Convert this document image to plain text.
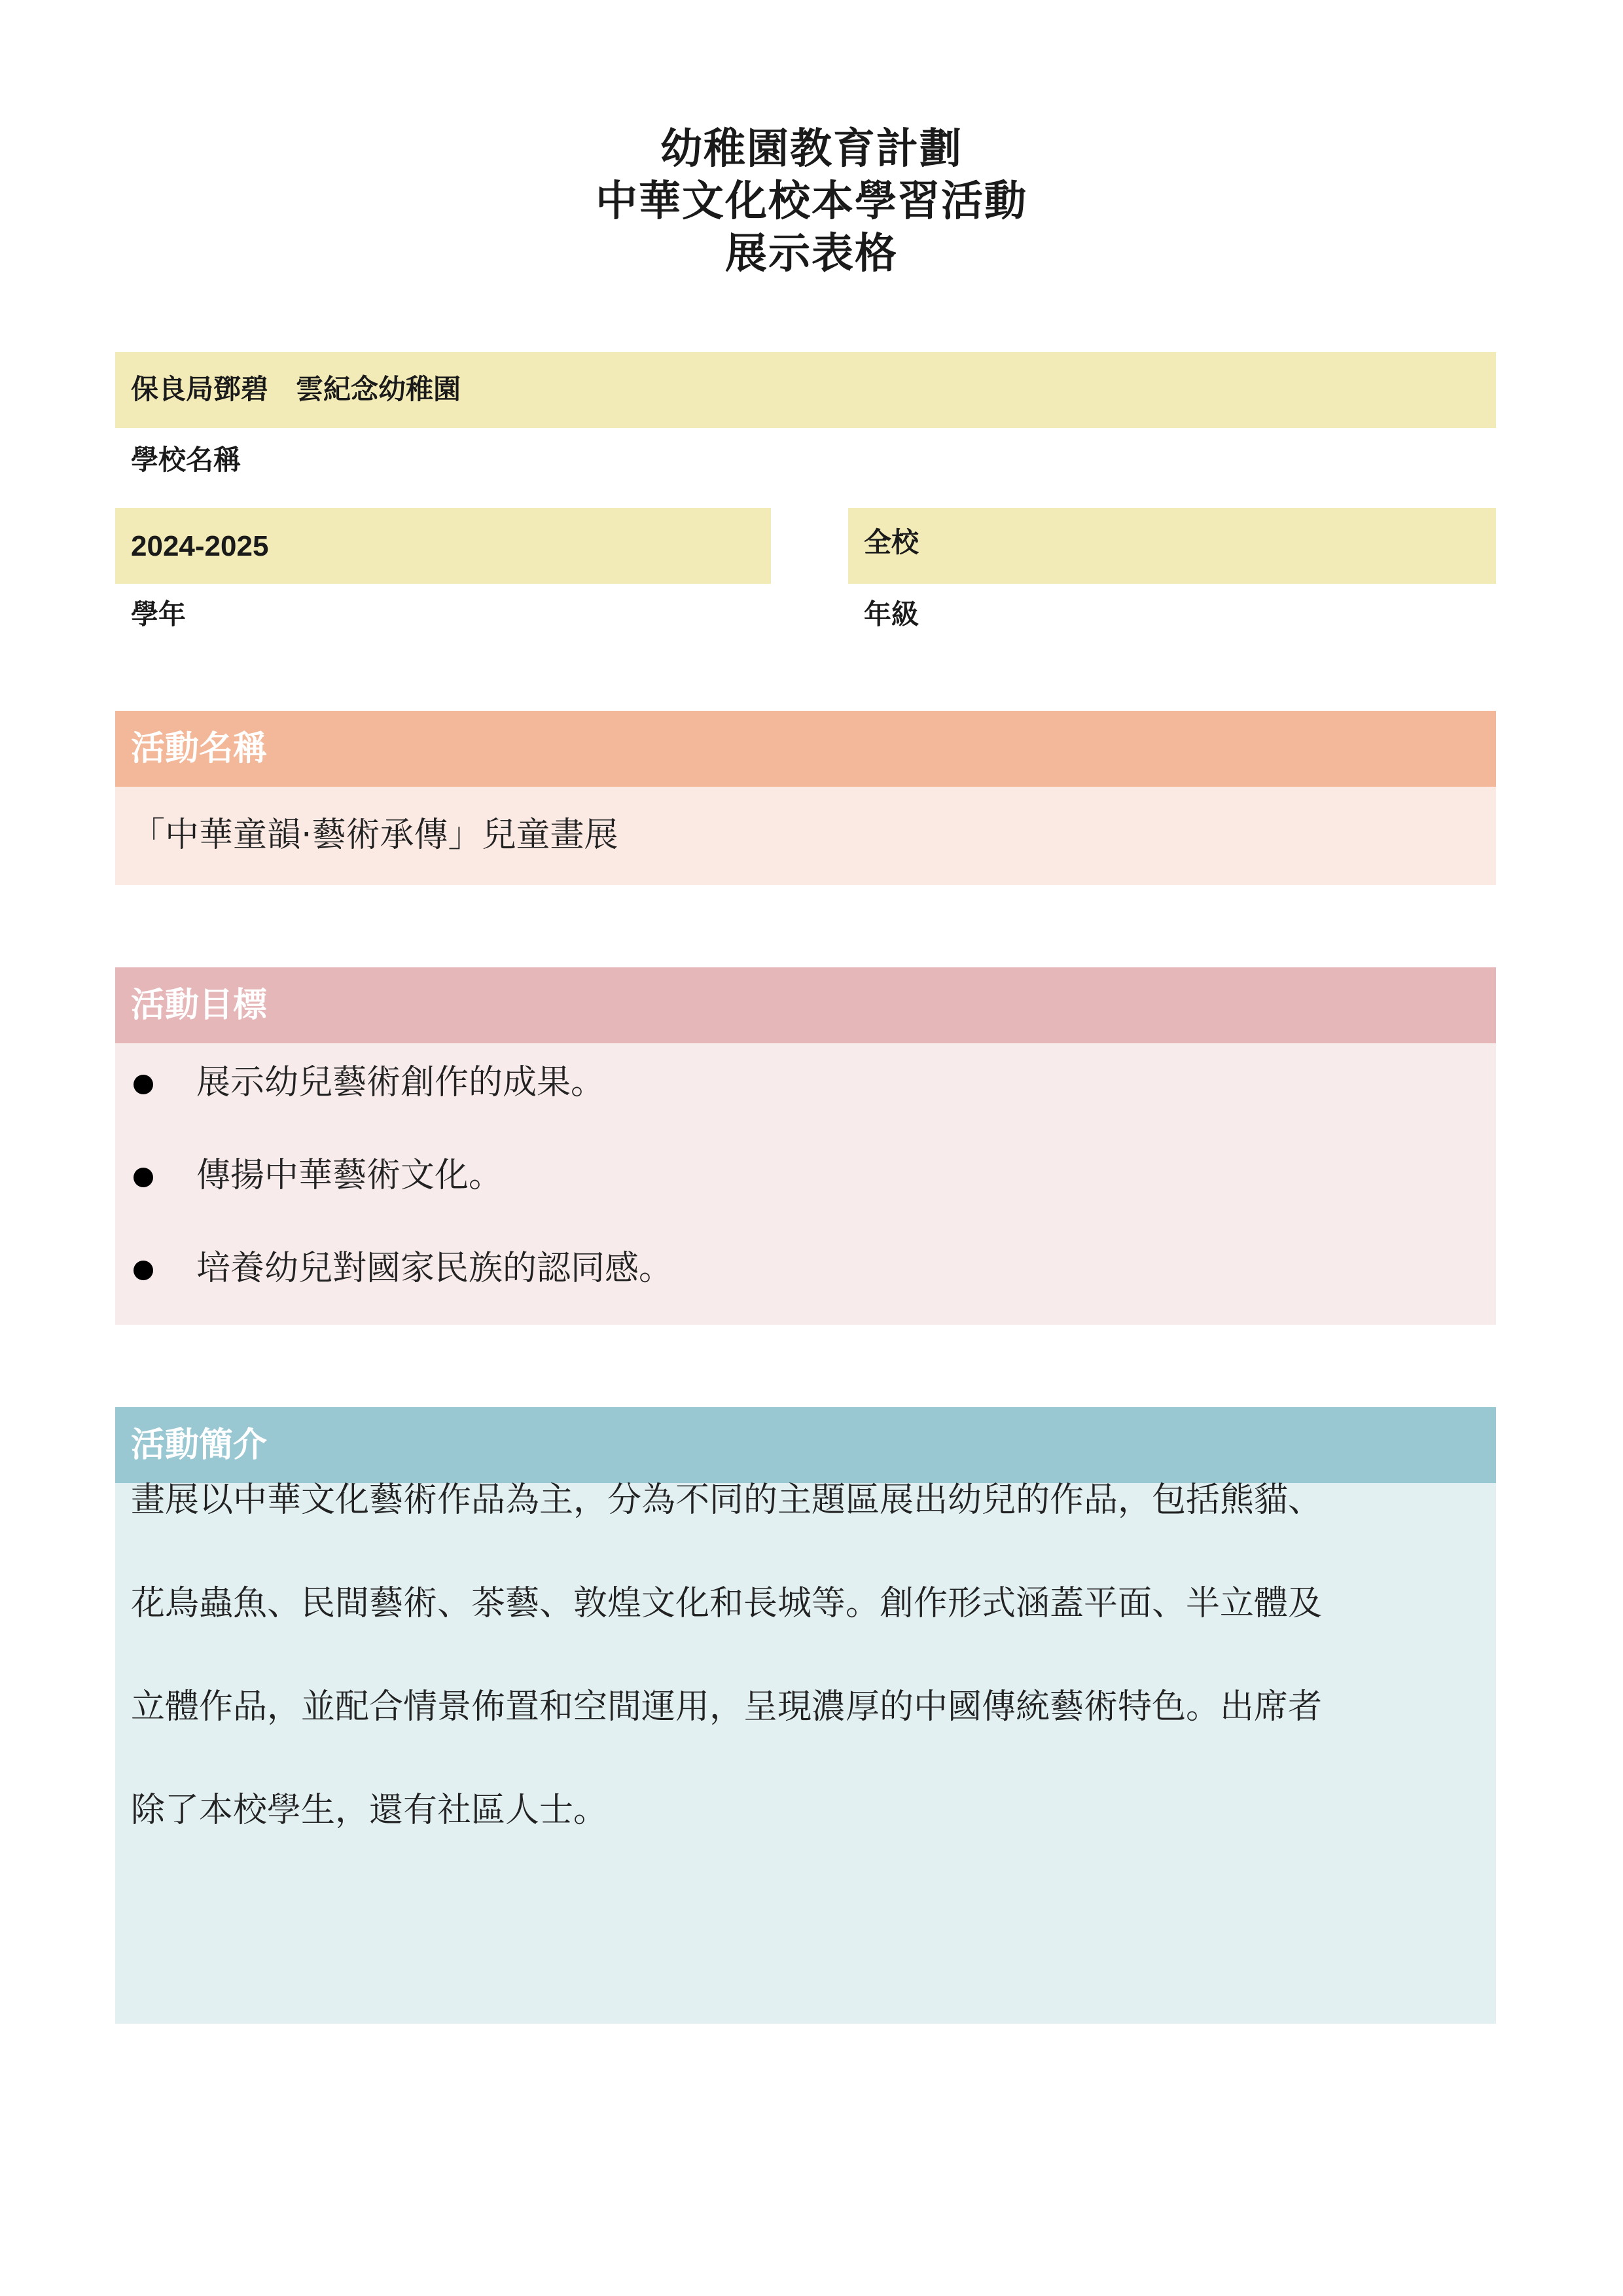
幼稚園教育計劃
中華文化校本學習活動
展示表格
保良局鄧碧　雲紀念幼稚園
學校名稱
2024-2025
學年
全校
年級
活動名稱
「中華童韻‧藝術承傳」兒童畫展
活動目標
展示幼兒藝術創作的成果。
傳揚中華藝術文化。
培養幼兒對國家民族的認同感。
活動簡介
畫展以中華文化藝術作品為主，分為不同的主題區展出幼兒的作品，包括熊貓、
花鳥蟲魚、民間藝術、茶藝、敦煌文化和長城等。創作形式涵蓋平面、半立體及
立體作品，並配合情景佈置和空間運用，呈現濃厚的中國傳統藝術特色。出席者
除了本校學生，還有社區人士。
